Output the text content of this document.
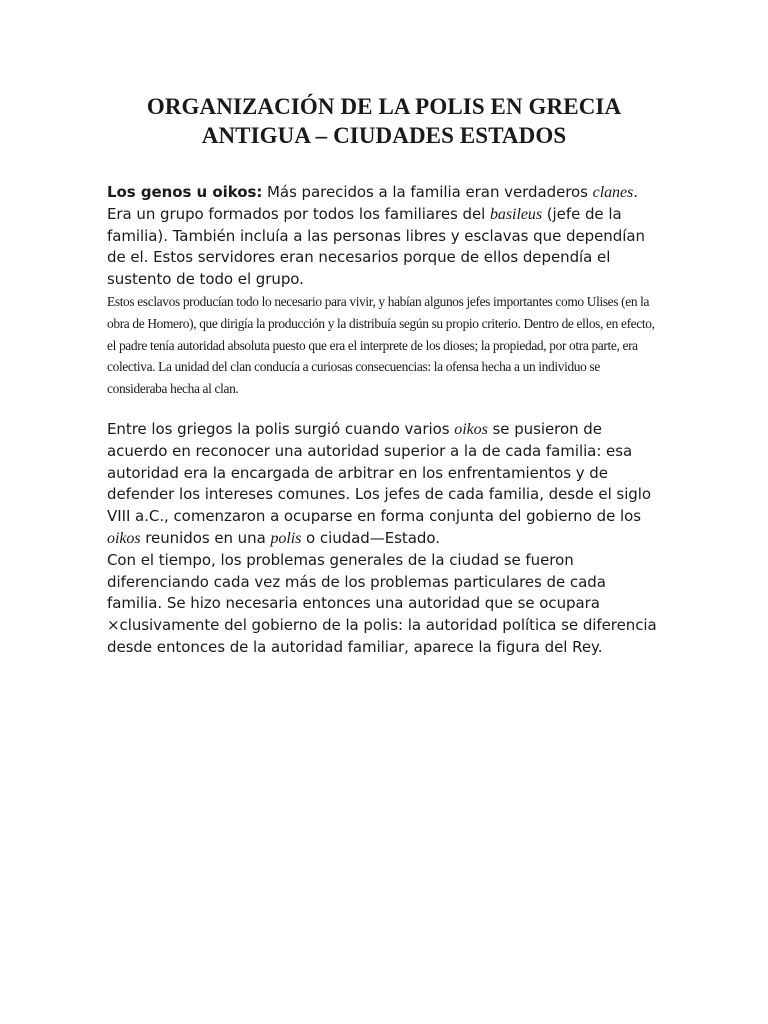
ORGANIZACIÓN DE LA POLIS EN GRECIA
ANTIGUA – CIUDADES ESTADOS

Los genos u oikos: Más parecidos a la familia eran verdaderos clanes. Era un grupo formados por todos los familiares del basileus (jefe de la familia). También incluía a las personas libres y esclavas que dependían de el. Estos servidores eran necesarios porque de ellos dependía el sustento de todo el grupo.

Estos esclavos producían todo lo necesario para vivir, y habían algunos jefes importantes como Ulises (en la obra de Homero), que dirigía la producción y la distribuía según su propio criterio. Dentro de ellos, en efecto, el padre tenía autoridad absoluta puesto que era el interprete de los dioses; la propiedad, por otra parte, era colectiva. La unidad del clan conducía a curiosas consecuencias: la ofensa hecha a un individuo se consideraba hecha al clan.

Entre los griegos la polis surgió cuando varios oikos se pusieron de acuerdo en reconocer una autoridad superior a la de cada familia: esa autoridad era la encargada de arbitrar en los enfrentamientos y de defender los intereses comunes. Los jefes de cada familia, desde el siglo VIII a.C., comenzaron a ocuparse en forma conjunta del gobierno de los oikos reunidos en una polis o ciudad—Estado.

Con el tiempo, los problemas generales de la ciudad se fueron diferenciando cada vez más de los problemas particulares de cada familia. Se hizo necesaria entonces una autoridad que se ocupara ×clusivamente del gobierno de la polis: la autoridad política se diferencia desde entonces de la autoridad familiar, aparece la figura del Rey.
